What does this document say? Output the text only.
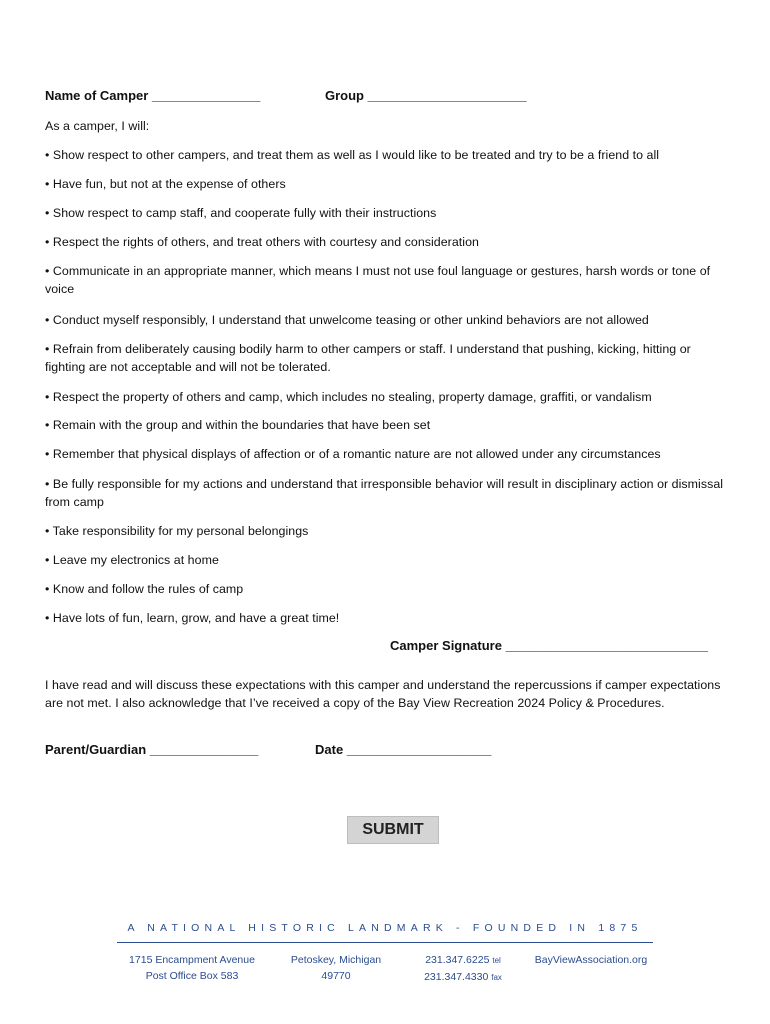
Name of Camper _______________	Group ______________________
As a camper, I will:
• Show respect to other campers, and treat them as well as I would like to be treated and try to be a friend to all
• Have fun, but not at the expense of others
• Show respect to camp staff, and cooperate fully with their instructions
• Respect the rights of others, and treat others with courtesy and consideration
• Communicate in an appropriate manner, which means I must not use foul language or gestures, harsh words or tone of voice
• Conduct myself responsibly, I understand that unwelcome teasing or other unkind behaviors are not allowed
• Refrain from deliberately causing bodily harm to other campers or staff. I understand that pushing, kicking, hitting or fighting are not acceptable and will not be tolerated.
• Respect the property of others and camp, which includes no stealing, property damage, graffiti, or vandalism
• Remain with the group and within the boundaries that have been set
• Remember that physical displays of affection or of a romantic nature are not allowed under any circumstances
• Be fully responsible for my actions and understand that irresponsible behavior will result in disciplinary action or dismissal from camp
• Take responsibility for my personal belongings
• Leave my electronics at home
• Know and follow the rules of camp
• Have lots of fun, learn, grow, and have a great time!
Camper Signature ____________________________
I have read and will discuss these expectations with this camper and understand the repercussions if camper expectations are not met. I also acknowledge that I’ve received a copy of the Bay View Recreation 2024 Policy & Procedures.
Parent/Guardian _______________	Date ____________________
SUBMIT
A NATIONAL HISTORIC LANDMARK - FOUNDED IN 1875
1715 Encampment Avenue
Post Office Box 583
Petoskey, Michigan
49770
231.347.6225 tel
231.347.4330 fax
BayViewAssociation.org
